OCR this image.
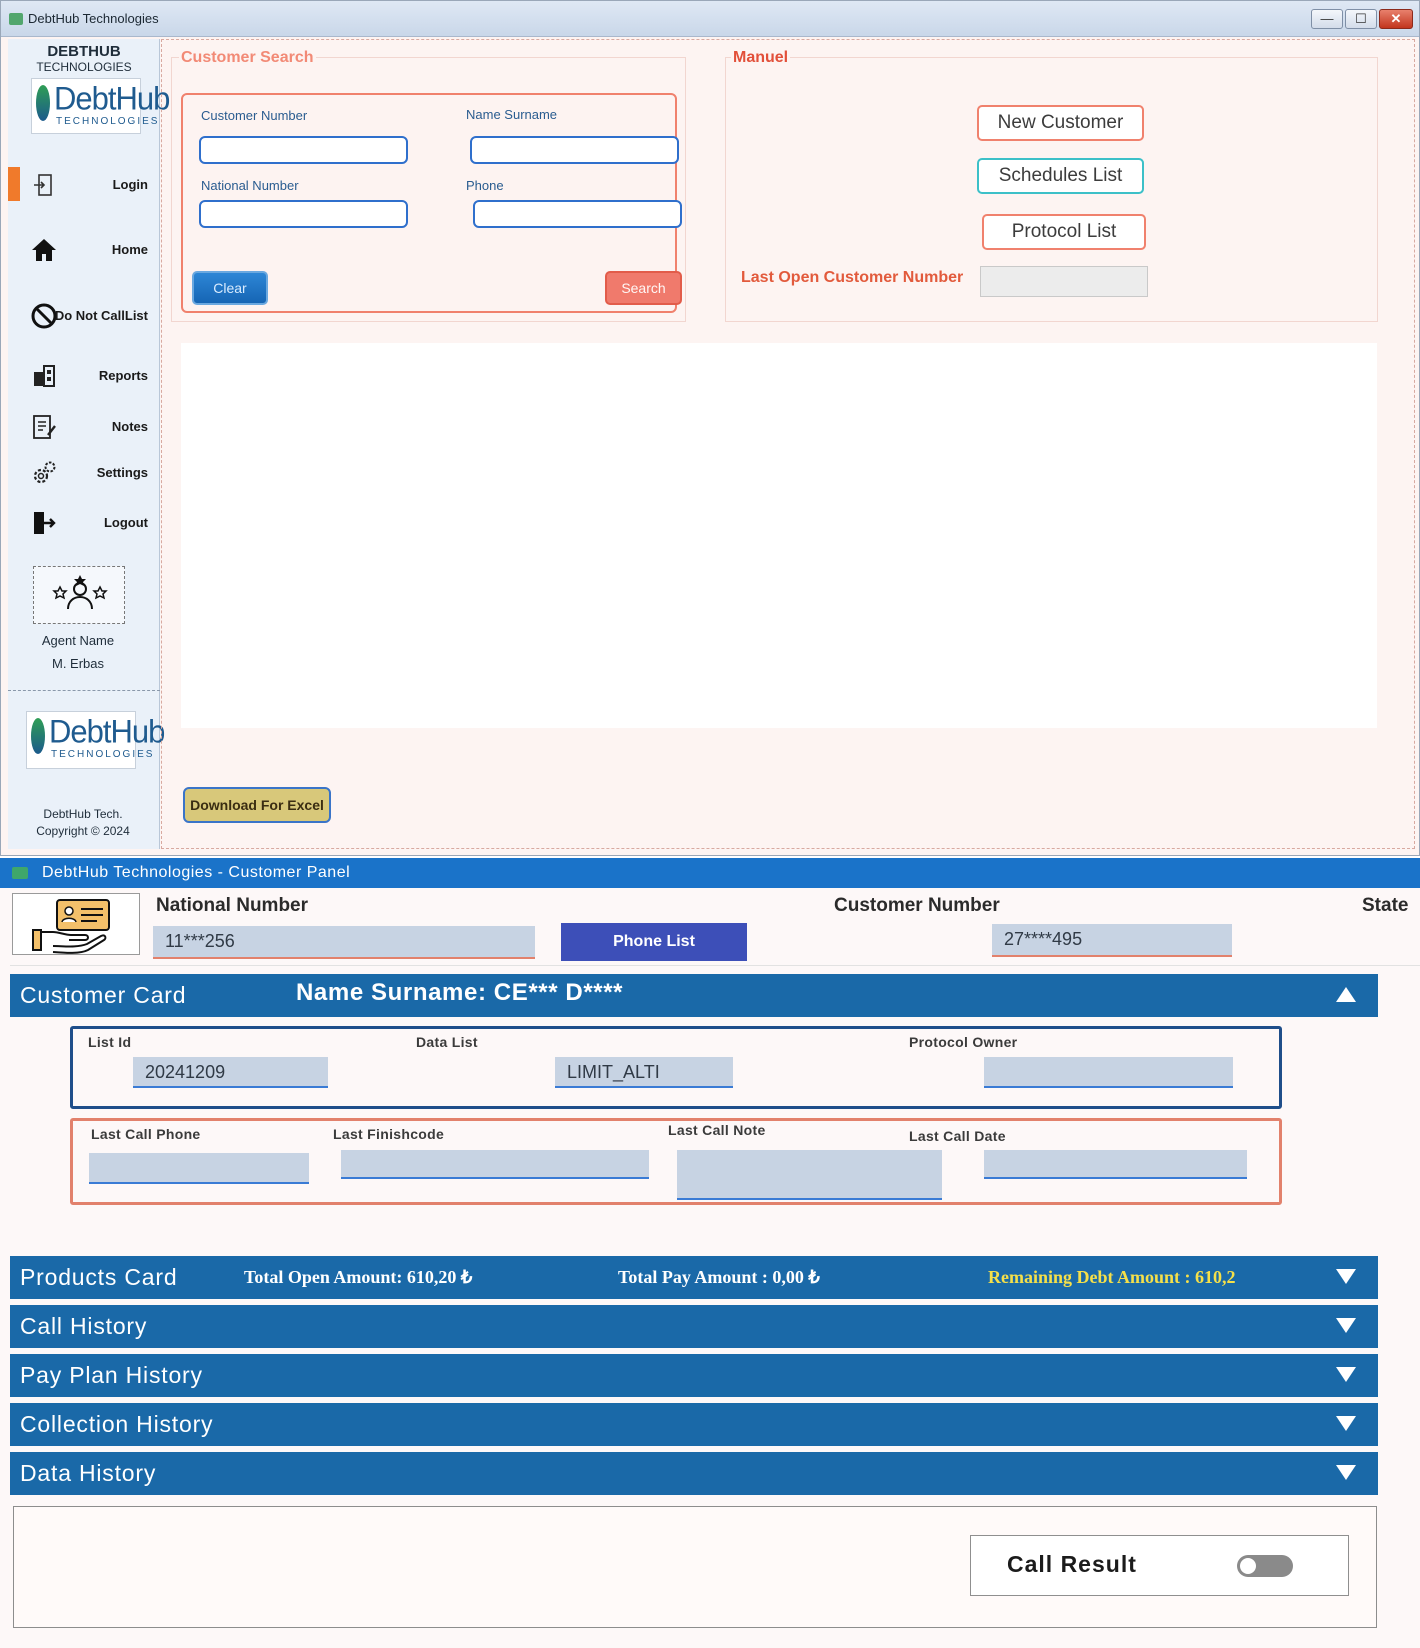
DebtHub Technologies	—	☐	✕
DEBTHUB
TECHNOLOGIES
DebtHub
TECHNOLOGIES
Login
Home
Do Not CallList
Reports
Notes
Settings
Logout
Agent Name
M. Erbas
DebtHub
TECHNOLOGIES
DebtHub Tech.
Copyright © 2024
Customer Search
Customer Number	Name Surname
National Number	Phone
Clear	Search
Manuel
New Customer
Schedules List
Protocol List
Last Open Customer Number
Download For Excel
DebtHub Technologies - Customer Panel
National Number
11***256	Phone List
Customer Number
27****495
State
Customer Card	Name Surname: CE*** D****
List Id
20241209
Data List
LIMIT_ALTI
Protocol Owner
Last Call Phone	Last Finishcode	Last Call Note	Last Call Date
Products Card	Total Open Amount: 610,20 ₺	Total Pay Amount : 0,00 ₺	Remaining Debt Amount : 610,2
Call History
Pay Plan History
Collection History
Data History
Call Result
